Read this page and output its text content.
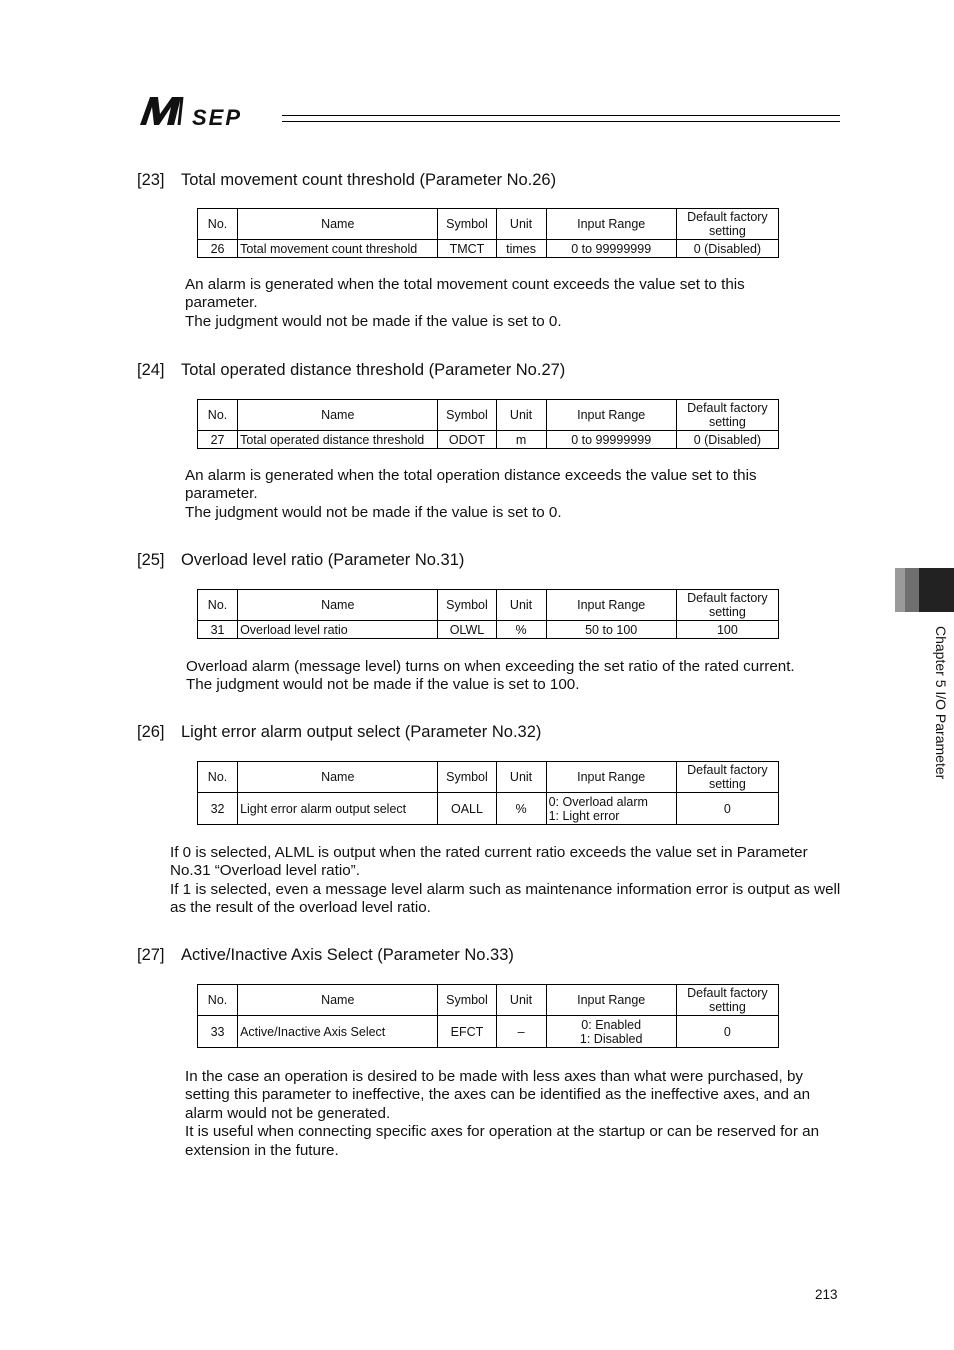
SEP
[23] Total movement count threshold (Parameter No.26)
No.	Name	Symbol	Unit	Input Range	Default factory
setting
26	Total movement count threshold	TMCT	times	0 to 99999999	0 (Disabled)

An alarm is generated when the total movement count exceeds the value set to this parameter.

The judgment would not be made if the value is set to 0.

[24] Total operated distance threshold (Parameter No.27)
No.	Name	Symbol	Unit	Input Range	Default factory
setting
27	Total operated distance threshold	ODOT	m	0 to 99999999	0 (Disabled)

An alarm is generated when the total operation distance exceeds the value set to this parameter.

The judgment would not be made if the value is set to 0.

[25] Overload level ratio (Parameter No.31)
No.	Name	Symbol	Unit	Input Range	Default factory
setting
31	Overload level ratio	OLWL	%	50 to 100	100

Overload alarm (message level) turns on when exceeding the set ratio of the rated current.

The judgment would not be made if the value is set to 100.

[26] Light error alarm output select (Parameter No.32)
No.	Name	Symbol	Unit	Input Range	Default factory
setting
32	Light error alarm output select	OALL	%	0: Overload alarm
1: Light error	0

If 0 is selected, ALML is output when the rated current ratio exceeds the value set in Parameter No.31 “Overload level ratio”.

If 1 is selected, even a message level alarm such as maintenance information error is output as well as the result of the overload level ratio.

[27] Active/Inactive Axis Select (Parameter No.33)
No.	Name	Symbol	Unit	Input Range	Default factory
setting
33	Active/Inactive Axis Select	EFCT	–	0: Enabled
1: Disabled	0

In the case an operation is desired to be made with less axes than what were purchased, by setting this parameter to ineffective, the axes can be identified as the ineffective axes, and an alarm would not be generated.

It is useful when connecting specific axes for operation at the startup or can be reserved for an extension in the future.

Chapter 5 I/O Parameter
213
